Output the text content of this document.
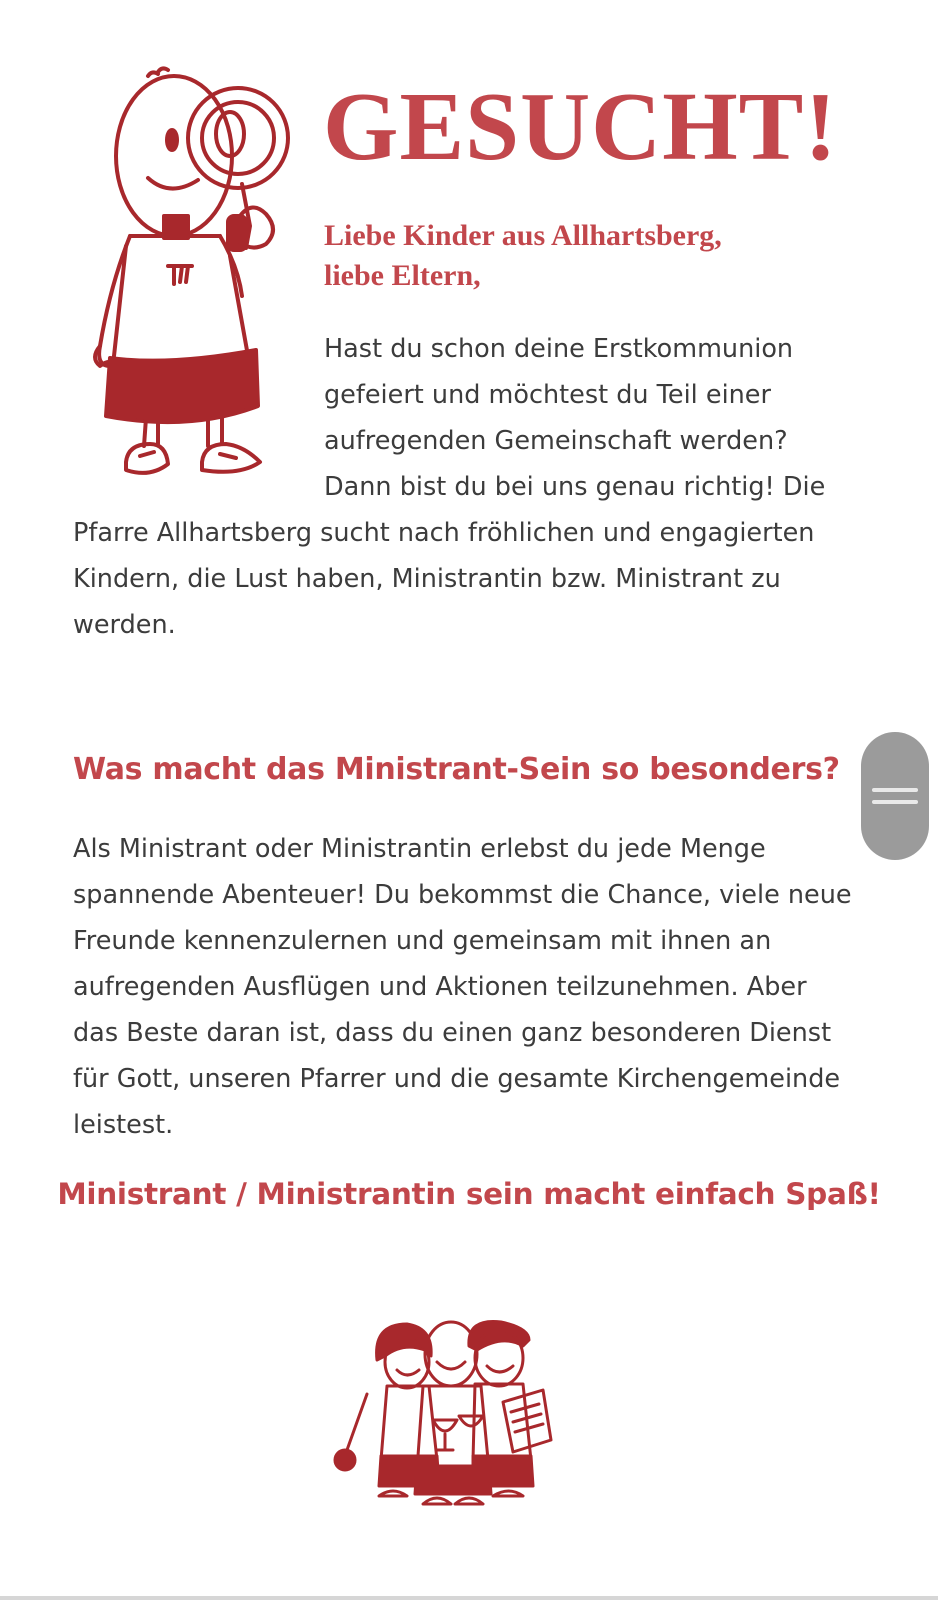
GESUCHT!
Liebe Kinder aus Allhartsberg,
liebe Eltern,
Hast du schon deine Erstkommunion
gefeiert und möchtest du Teil einer
aufregenden Gemeinschaft werden?
Dann bist du bei uns genau richtig! Die
Pfarre Allhartsberg sucht nach fröhlichen und engagierten
Kindern, die Lust haben, Ministrantin bzw. Ministrant zu
werden.
Was macht das Ministrant-Sein so besonders?
Als Ministrant oder Ministrantin erlebst du jede Menge
spannende Abenteuer! Du bekommst die Chance, viele neue
Freunde kennenzulernen und gemeinsam mit ihnen an
aufregenden Ausflügen und Aktionen teilzunehmen. Aber
das Beste daran ist, dass du einen ganz besonderen Dienst
für Gott, unseren Pfarrer und die gesamte Kirchengemeinde
leistest.
Ministrant / Ministrantin sein macht einfach Spaß!
